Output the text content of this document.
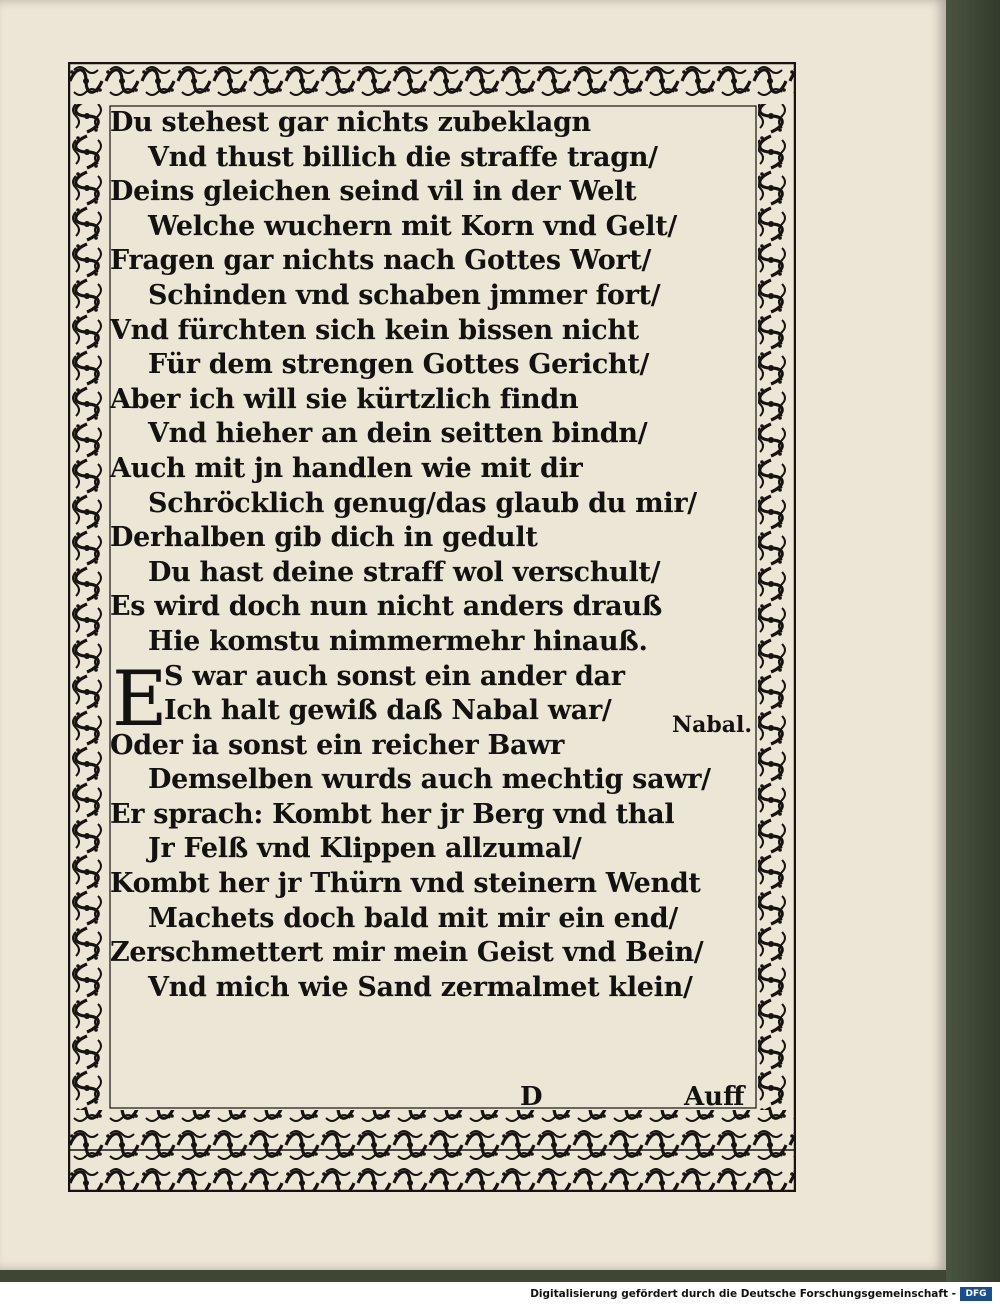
Du stehest gar nichts zubeklagn
Vnd thust billich die straffe tragn/
Deins gleichen seind vil in der Welt
Welche wuchern mit Korn vnd Gelt/
Fragen gar nichts nach Gottes Wort/
Schinden vnd schaben jmmer fort/
Vnd fürchten sich kein bissen nicht
Für dem strengen Gottes Gericht/
Aber ich will sie kürtzlich findn
Vnd hieher an dein seitten bindn/
Auch mit jn handlen wie mit dir
Schröcklich genug/das glaub du mir/
Derhalben gib dich in gedult
Du hast deine straff wol verschult/
Es wird doch nun nicht anders drauß
Hie komstu nimmermehr hinauß.
E
S war auch sonst ein ander dar
Ich halt gewiß daß Nabal war/
Oder ia sonst ein reicher Bawr
Demselben wurds auch mechtig sawr/
Er sprach: Kombt her jr Berg vnd thal
Jr Felß vnd Klippen allzumal/
Kombt her jr Thürn vnd steinern Wendt
Machets doch bald mit mir ein end/
Zerschmettert mir mein Geist vnd Bein/
Vnd mich wie Sand zermalmet klein/
Nabal.
D	Auff
Digitalisierung gefördert durch die Deutsche Forschungsgemeinschaft -	DFG
